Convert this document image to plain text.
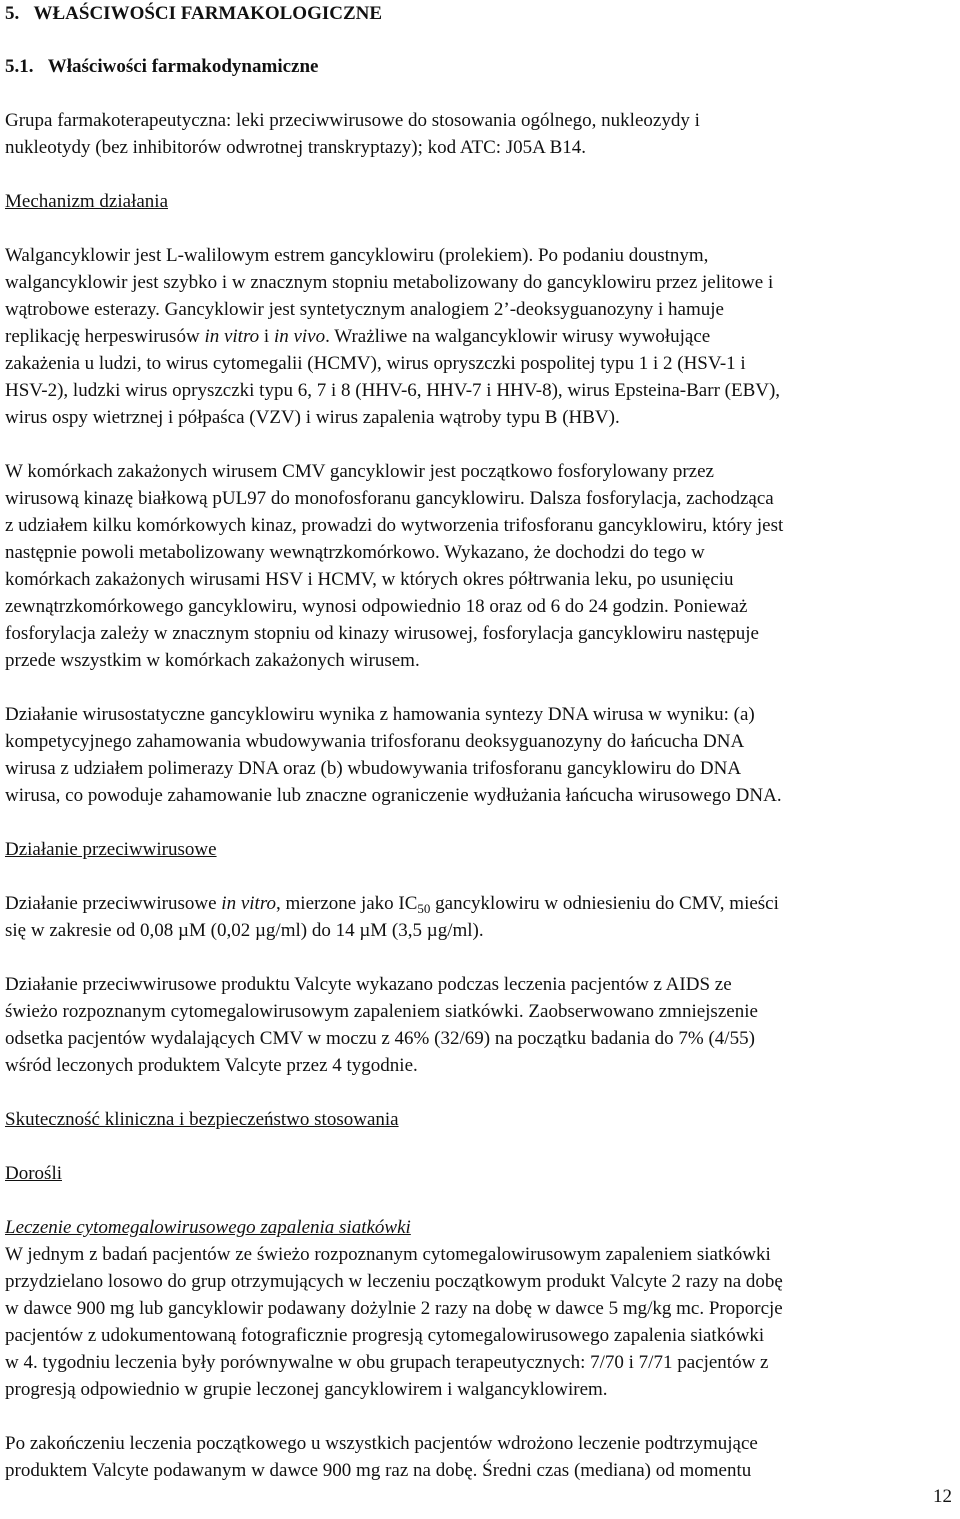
5.   WŁAŚCIWOŚCI FARMAKOLOGICZNE
5.1.   Właściwości farmakodynamiczne
Grupa farmakoterapeutyczna: leki przeciwwirusowe do stosowania ogólnego, nukleozydy i
nukleotydy (bez inhibitorów odwrotnej transkryptazy); kod ATC: J05A B14.
Mechanizm działania
Walgancyklowir jest L-walilowym estrem gancyklowiru (prolekiem). Po podaniu doustnym,
walgancyklowir jest szybko i w znacznym stopniu metabolizowany do gancyklowiru przez jelitowe i
wątrobowe esterazy. Gancyklowir jest syntetycznym analogiem 2’-deoksyguanozyny i hamuje
replikację herpeswirusów in vitro i in vivo. Wrażliwe na walgancyklowir wirusy wywołujące
zakażenia u ludzi, to wirus cytomegalii (HCMV), wirus opryszczki pospolitej typu 1 i 2 (HSV-1 i
HSV-2), ludzki wirus opryszczki typu 6, 7 i 8 (HHV-6, HHV-7 i HHV-8), wirus Epsteina-Barr (EBV),
wirus ospy wietrznej i półpaśca (VZV) i wirus zapalenia wątroby typu B (HBV).
W komórkach zakażonych wirusem CMV gancyklowir jest początkowo fosforylowany przez
wirusową kinazę białkową pUL97 do monofosforanu gancyklowiru. Dalsza fosforylacja, zachodząca
z udziałem kilku komórkowych kinaz, prowadzi do wytworzenia trifosforanu gancyklowiru, który jest
następnie powoli metabolizowany wewnątrzkomórkowo. Wykazano, że dochodzi do tego w
komórkach zakażonych wirusami HSV i HCMV, w których okres półtrwania leku, po usunięciu
zewnątrzkomórkowego gancyklowiru, wynosi odpowiednio 18 oraz od 6 do 24 godzin. Ponieważ
fosforylacja zależy w znacznym stopniu od kinazy wirusowej, fosforylacja gancyklowiru następuje
przede wszystkim w komórkach zakażonych wirusem.
Działanie wirusostatyczne gancyklowiru wynika z hamowania syntezy DNA wirusa w wyniku: (a)
kompetycyjnego zahamowania wbudowywania trifosforanu deoksyguanozyny do łańcucha DNA
wirusa z udziałem polimerazy DNA oraz (b) wbudowywania trifosforanu gancyklowiru do DNA
wirusa, co powoduje zahamowanie lub znaczne ograniczenie wydłużania łańcucha wirusowego DNA.
Działanie przeciwwirusowe
Działanie przeciwwirusowe in vitro, mierzone jako $IC_{50}$ gancyklowiru w odniesieniu do CMV, mieści
się w zakresie od 0,08 µM (0,02 µg/ml) do 14 µM (3,5 µg/ml).
Działanie przeciwwirusowe produktu Valcyte wykazano podczas leczenia pacjentów z AIDS ze
świeżo rozpoznanym cytomegalowirusowym zapaleniem siatkówki. Zaobserwowano zmniejszenie
odsetka pacjentów wydalających CMV w moczu z 46% (32/69) na początku badania do 7% (4/55)
wśród leczonych produktem Valcyte przez 4 tygodnie.
Skuteczność kliniczna i bezpieczeństwo stosowania
Dorośli
Leczenie cytomegalowirusowego zapalenia siatkówki
W jednym z badań pacjentów ze świeżo rozpoznanym cytomegalowirusowym zapaleniem siatkówki
przydzielano losowo do grup otrzymujących w leczeniu początkowym produkt Valcyte 2 razy na dobę
w dawce 900 mg lub gancyklowir podawany dożylnie 2 razy na dobę w dawce 5 mg/kg mc. Proporcje
pacjentów z udokumentowaną fotograficznie progresją cytomegalowirusowego zapalenia siatkówki
w 4. tygodniu leczenia były porównywalne w obu grupach terapeutycznych: 7/70 i 7/71 pacjentów z
progresją odpowiednio w grupie leczonej gancyklowirem i walgancyklowirem.
Po zakończeniu leczenia początkowego u wszystkich pacjentów wdrożono leczenie podtrzymujące
produktem Valcyte podawanym w dawce 900 mg raz na dobę. Średni czas (mediana) od momentu
12
